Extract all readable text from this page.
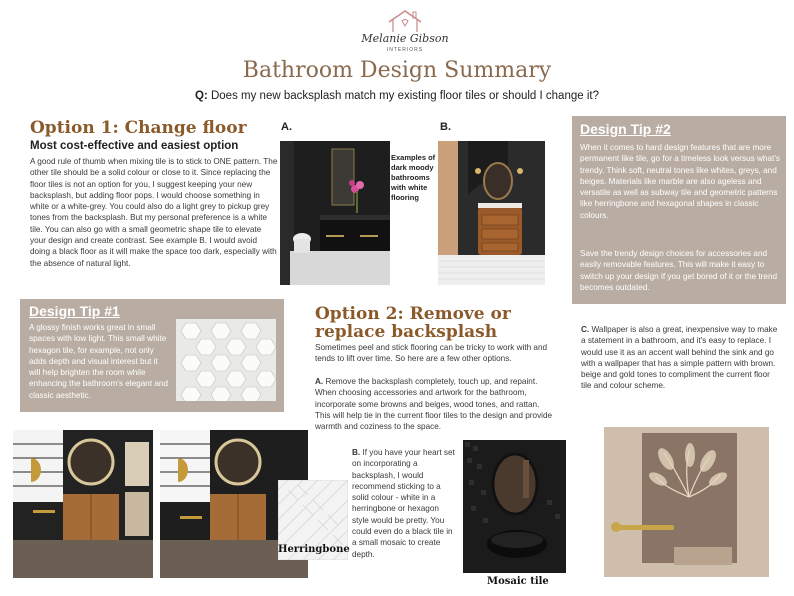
Melanie Gibson
INTERIORS
Bathroom Design Summary
Q: Does my new backsplash match my existing floor tiles or should I change it?
Option 1: Change floor
Most cost-effective and easiest option
A good rule of thumb when mixing tile is to stick to ONE pattern. The other tile should be a solid colour or close to it. Since replacing the floor tiles is not an option for you, I suggest keeping your new backsplash, but adding floor pops. I would choose something in white or a white-grey. You could also do a light grey to pickup grey tones from the backsplash. But my personal preference is a white tile. You can also go with a small geometric shape tile to elevate your design and create contrast. See example B. I would avoid doing a black floor as it will make the space too dark, especially with the absence of natural light.
A.	B.
Examples of dark moody bathrooms with white flooring
Design Tip #2
When it comes to hard design features that are more permanent like tile, go for a timeless look versus what's trendy. Think soft, neutral tones like whites, greys, and beiges. Materials like marble are also ageless and versatile as well as subway tile and geometric patterns like herringbone and hexagonal shapes in classic colours.
Save the trendy design choices for accessories and easily removable features. This will make it easy to switch up your design if you get bored of it or the trend becomes outdated.
Design Tip #1
A glossy finish works great in small spaces with low light. This small white hexagon tile, for example, not only adds depth and visual interest but it will help brighten the room while enhancing the bathroom's elegant and classic aesthetic.
Option 2: Remove or replace backsplash
Sometimes peel and stick flooring can be tricky to work with and tends to lift over time. So here are a few other options.
A. Remove the backsplash completely, touch up, and repaint. When choosing accessories and artwork for the bathroom, incorporate some browns and beiges, wood tones, and rattan. This will help tie in the current floor tiles to the design and provide warmth and coziness to the space.
B. If you have your heart set on incorporating a backsplash, I would recommend sticking to a solid colour - white in a herringbone or hexagon style would be pretty. You could even do a black tile in a small mosaic to create depth.
C. Wallpaper is also a great, inexpensive way to make a statement in a bathroom, and it's easy to replace. I would use it as an accent wall behind the sink and go with a wallpaper that has a simple pattern with brown. beige and gold tones to compliment the current floor tile and colour scheme.
Herringbone
Mosaic tile
